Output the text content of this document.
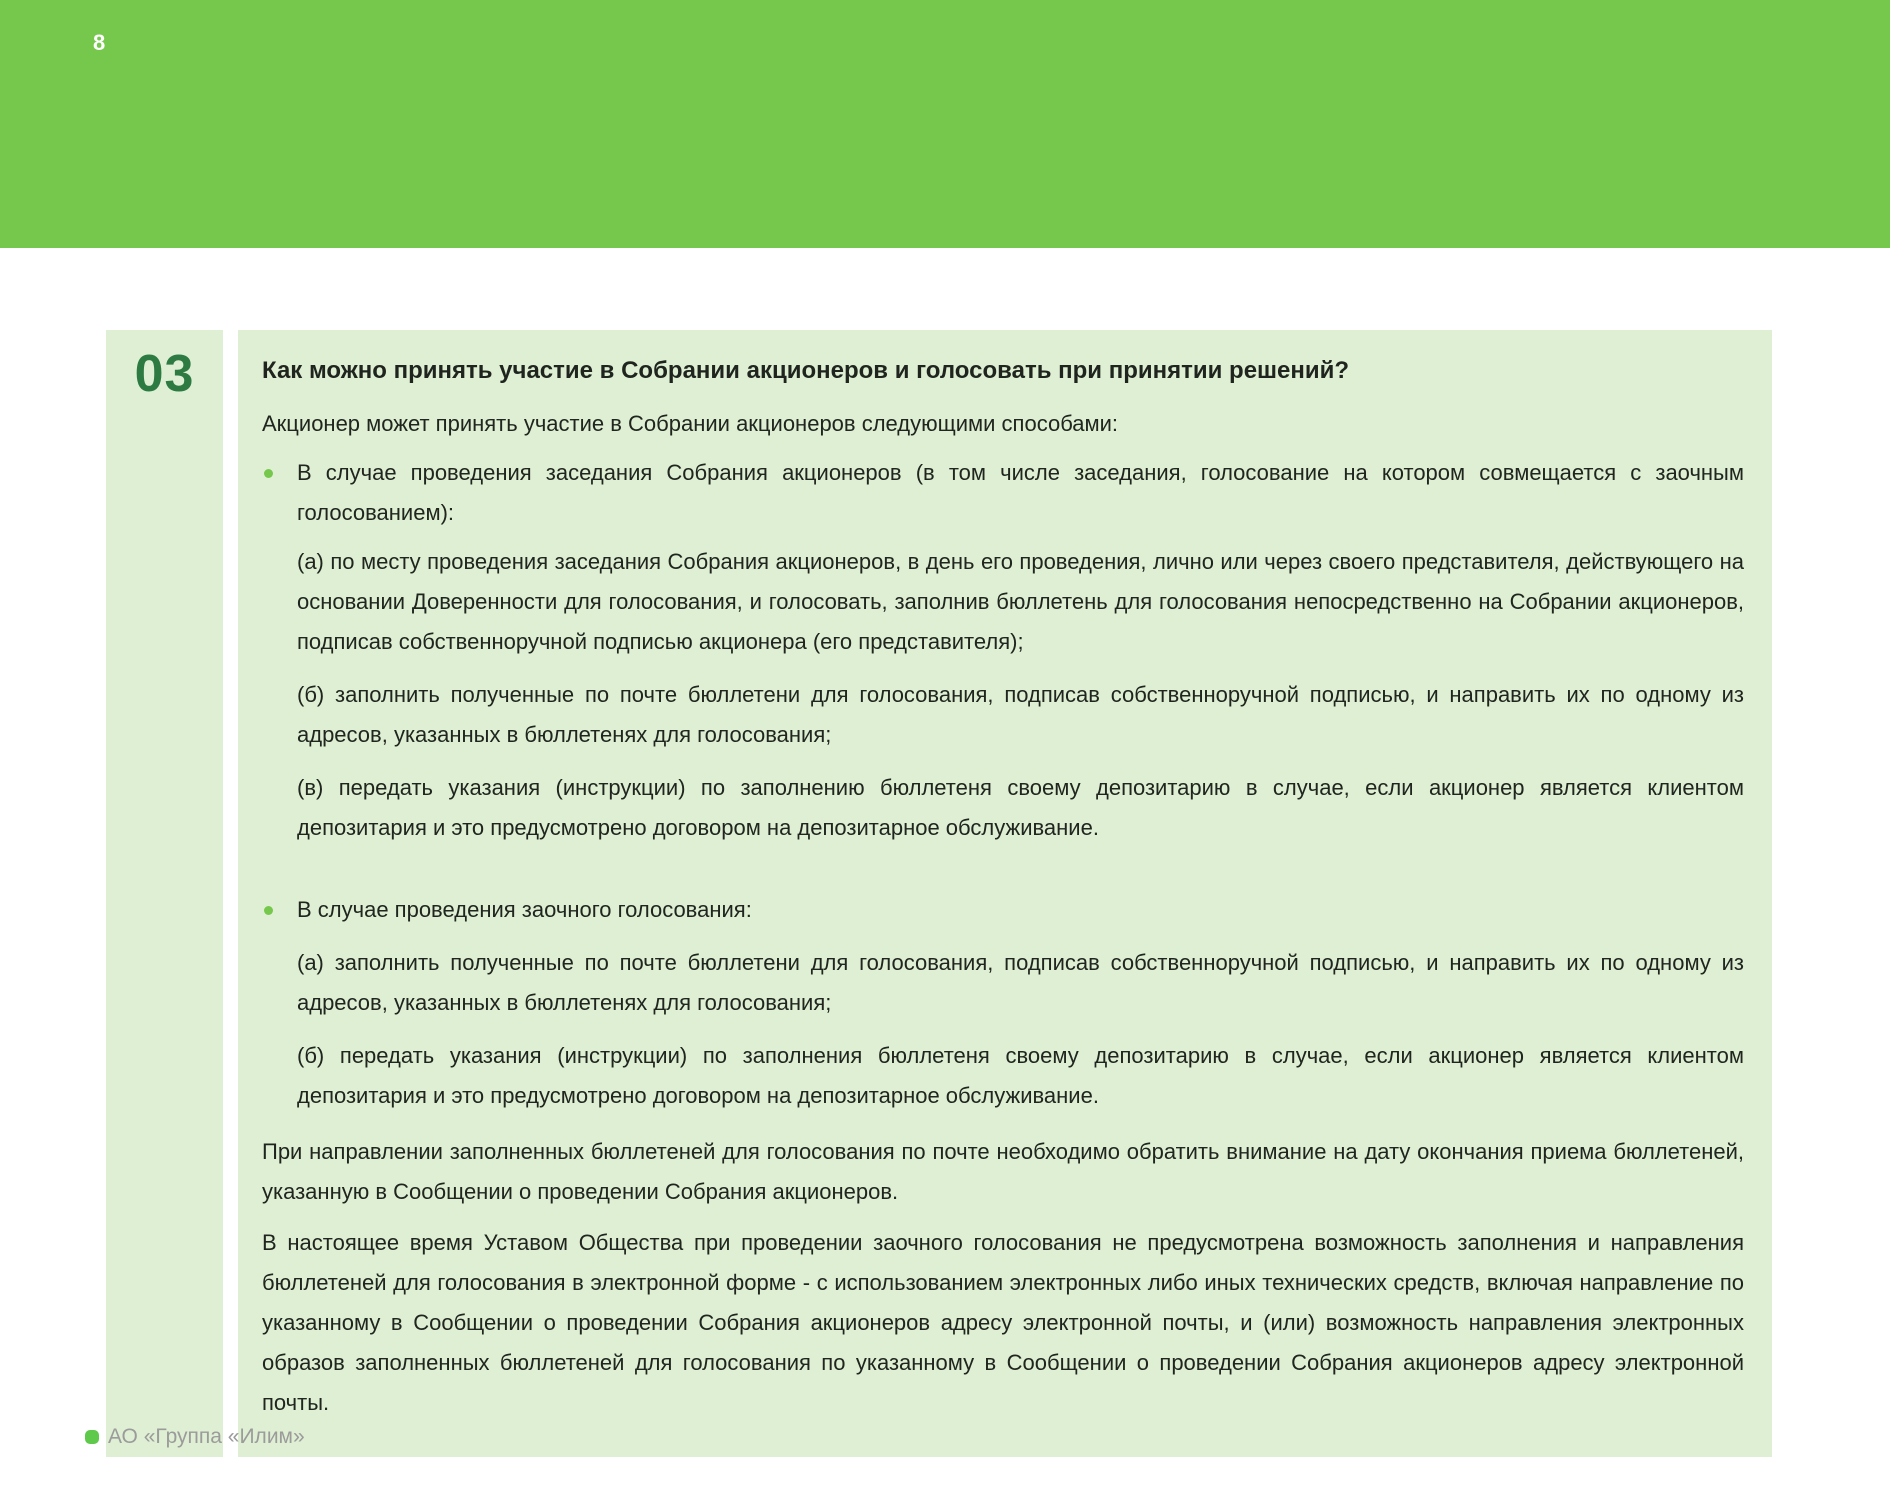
8
03	Как можно принять участие в Собрании акционеров и голосовать при принятии решений?

Акционер может принять участие в Собрании акционеров следующими способами:

В случае проведения заседания Собрания акционеров (в том числе заседания, голосование на котором совмещается с заочным голосованием):

(а) по месту проведения заседания Собрания акционеров, в день его проведения, лично или через своего представителя, действующего на основании Доверенности для голосования, и голосовать, заполнив бюллетень для голосования непосредственно на Собрании акционеров, подписав собственноручной подписью акционера (его представителя);

(б) заполнить полученные по почте бюллетени для голосования, подписав собственноручной подписью, и направить их по одному из адресов, указанных в бюллетенях для голосования;

(в) передать указания (инструкции) по заполнению бюллетеня своему депозитарию в случае, если акционер является клиентом депозитария и это предусмотрено договором на депозитарное обслуживание.

В случае проведения заочного голосования:

(а) заполнить полученные по почте бюллетени для голосования, подписав собственноручной подписью, и направить их по одному из адресов, указанных в бюллетенях для голосования;

(б) передать указания (инструкции) по заполнения бюллетеня своему депозитарию в случае, если акционер является клиентом депозитария и это предусмотрено договором на депозитарное обслуживание.

При направлении заполненных бюллетеней для голосования по почте необходимо обратить внимание на дату окончания приема бюллетеней, указанную в Сообщении о проведении Собрания акционеров.

В настоящее время Уставом Общества при проведении заочного голосования не предусмотрена возможность заполнения и направления бюллетеней для голосования в электронной форме - с использованием электронных либо иных технических средств, включая направление по указанному в Сообщении о проведении Собрания акционеров адресу электронной почты, и (или) возможность направления электронных образов заполненных бюллетеней для голосования по указанному в Сообщении о проведении Собрания акционеров адресу электронной почты.

АО «Группа «Илим»
